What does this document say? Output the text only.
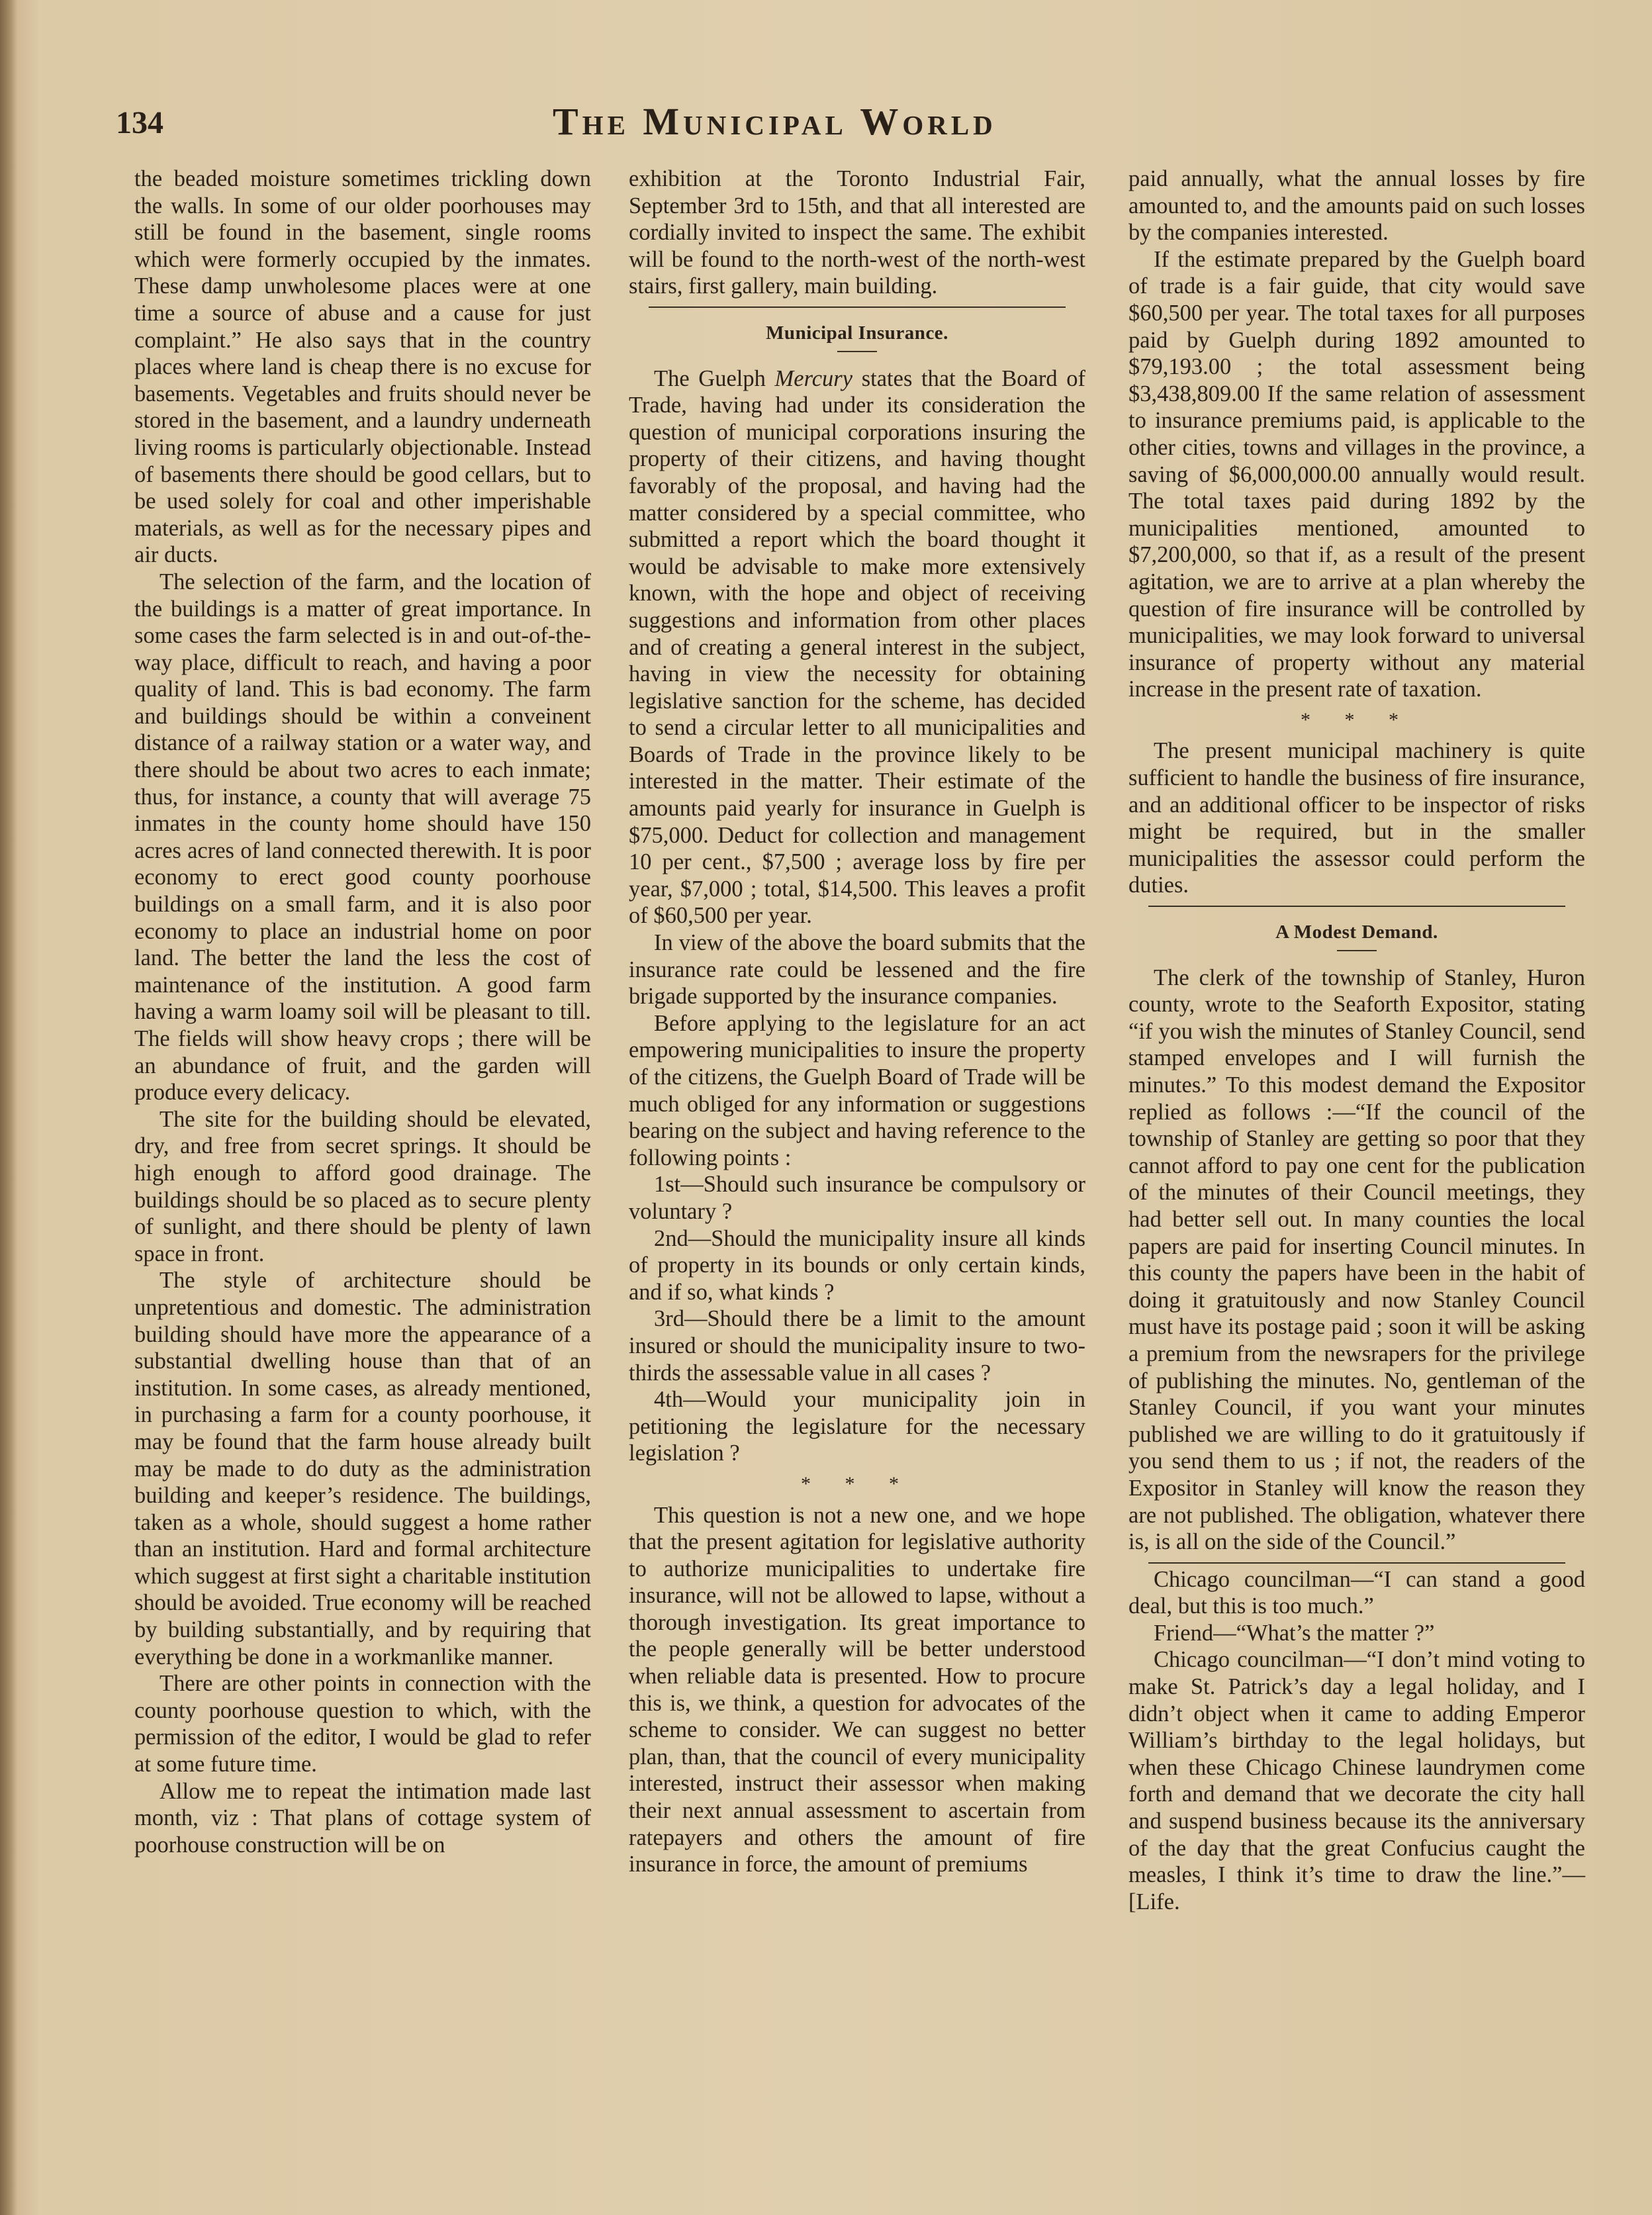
134	The Municipal World

the beaded moisture sometimes trickling down the walls. In some of our older poorhouses may still be found in the basement, single rooms which were formerly occupied by the inmates. These damp unwholesome places were at one time a source of abuse and a cause for just complaint.” He also says that in the country places where land is cheap there is no excuse for basements. Vegetables and fruits should never be stored in the basement, and a laundry underneath living rooms is particularly objectionable. Instead of basements there should be good cellars, but to be used solely for coal and other imperishable materials, as well as for the necessary pipes and air ducts.

The selection of the farm, and the location of the buildings is a matter of great importance. In some cases the farm selected is in and out-of-the-way place, difficult to reach, and having a poor quality of land. This is bad economy. The farm and buildings should be within a conveinent distance of a railway station or a water way, and there should be about two acres to each inmate; thus, for instance, a county that will average 75 inmates in the county home should have 150 acres acres of land connected therewith. It is poor economy to erect good county poorhouse buildings on a small farm, and it is also poor economy to place an industrial home on poor land. The better the land the less the cost of maintenance of the institution. A good farm having a warm loamy soil will be pleasant to till. The fields will show heavy crops ; there will be an abundance of fruit, and the garden will produce every delicacy.

The site for the building should be elevated, dry, and free from secret springs. It should be high enough to afford good drainage. The buildings should be so placed as to secure plenty of sunlight, and there should be plenty of lawn space in front.

The style of architecture should be unpretentious and domestic. The administration building should have more the appearance of a substantial dwelling house than that of an institution. In some cases, as already mentioned, in purchasing a farm for a county poorhouse, it may be found that the farm house already built may be made to do duty as the administration building and keeper’s residence. The buildings, taken as a whole, should suggest a home rather than an institution. Hard and formal architecture which suggest at first sight a charitable institution should be avoided. True economy will be reached by building substantially, and by requiring that everything be done in a workmanlike manner.

There are other points in connection with the county poorhouse question to which, with the permission of the editor, I would be glad to refer at some future time.

Allow me to repeat the intimation made last month, viz : That plans of cottage system of poorhouse construction will be on

exhibition at the Toronto Industrial Fair, September 3rd to 15th, and that all interested are cordially invited to inspect the same. The exhibit will be found to the north-west of the north-west stairs, first gallery, main building.

Municipal Insurance.

The Guelph Mercury states that the Board of Trade, having had under its consideration the question of municipal corporations insuring the property of their citizens, and having thought favorably of the proposal, and having had the matter considered by a special committee, who submitted a report which the board thought it would be advisable to make more extensively known, with the hope and object of receiving suggestions and information from other places and of creating a general interest in the subject, having in view the necessity for obtaining legislative sanction for the scheme, has decided to send a circular letter to all municipalities and Boards of Trade in the province likely to be interested in the matter. Their estimate of the amounts paid yearly for insurance in Guelph is $75,000. Deduct for collection and management 10 per cent., $7,500 ; average loss by fire per year, $7,000 ; total, $14,500. This leaves a profit of $60,500 per year.

In view of the above the board submits that the insurance rate could be lessened and the fire brigade supported by the insurance companies.

Before applying to the legislature for an act empowering municipalities to insure the property of the citizens, the Guelph Board of Trade will be much obliged for any information or suggestions bearing on the subject and having reference to the following points :

1st—Should such insurance be compulsory or voluntary ?

2nd—Should the municipality insure all kinds of property in its bounds or only certain kinds, and if so, what kinds ?

3rd—Should there be a limit to the amount insured or should the municipality insure to two-thirds the assessable value in all cases ?

4th—Would your municipality join in petitioning the legislature for the necessary legislation ?

* * *

This question is not a new one, and we hope that the present agitation for legislative authority to authorize municipalities to undertake fire insurance, will not be allowed to lapse, without a thorough investigation. Its great importance to the people generally will be better understood when reliable data is presented. How to procure this is, we think, a question for advocates of the scheme to consider. We can suggest no better plan, than, that the council of every municipality interested, instruct their assessor when making their next annual assessment to ascertain from ratepayers and others the amount of fire insurance in force, the amount of premiums

paid annually, what the annual losses by fire amounted to, and the amounts paid on such losses by the companies interested.

If the estimate prepared by the Guelph board of trade is a fair guide, that city would save $60,500 per year. The total taxes for all purposes paid by Guelph during 1892 amounted to $79,193.00 ; the total assessment being $3,438,809.00 If the same relation of assessment to insurance premiums paid, is applicable to the other cities, towns and villages in the province, a saving of $6,000,000.00 annually would result. The total taxes paid during 1892 by the municipalities mentioned, amounted to $7,200,000, so that if, as a result of the present agitation, we are to arrive at a plan whereby the question of fire insurance will be controlled by municipalities, we may look forward to universal insurance of property without any material increase in the present rate of taxation.

* * *

The present municipal machinery is quite sufficient to handle the business of fire insurance, and an additional officer to be inspector of risks might be required, but in the smaller municipalities the assessor could perform the duties.

A Modest Demand.

The clerk of the township of Stanley, Huron county, wrote to the Seaforth Expositor, stating “if you wish the minutes of Stanley Council, send stamped envelopes and I will furnish the minutes.” To this modest demand the Expositor replied as follows :—“If the council of the township of Stanley are getting so poor that they cannot afford to pay one cent for the publication of the minutes of their Council meetings, they had better sell out. In many counties the local papers are paid for inserting Council minutes. In this county the papers have been in the habit of doing it gratuitously and now Stanley Council must have its postage paid ; soon it will be asking a premium from the newsrapers for the privilege of publishing the minutes. No, gentleman of the Stanley Council, if you want your minutes published we are willing to do it gratuitously if you send them to us ; if not, the readers of the Expositor in Stanley will know the reason they are not published. The obligation, whatever there is, is all on the side of the Council.”

Chicago councilman—“I can stand a good deal, but this is too much.”

Friend—“What’s the matter ?”

Chicago councilman—“I don’t mind voting to make St. Patrick’s day a legal holiday, and I didn’t object when it came to adding Emperor William’s birthday to the legal holidays, but when these Chicago Chinese laundrymen come forth and demand that we decorate the city hall and suspend business because its the anniversary of the day that the great Confucius caught the measles, I think it’s time to draw the line.”—[Life.
